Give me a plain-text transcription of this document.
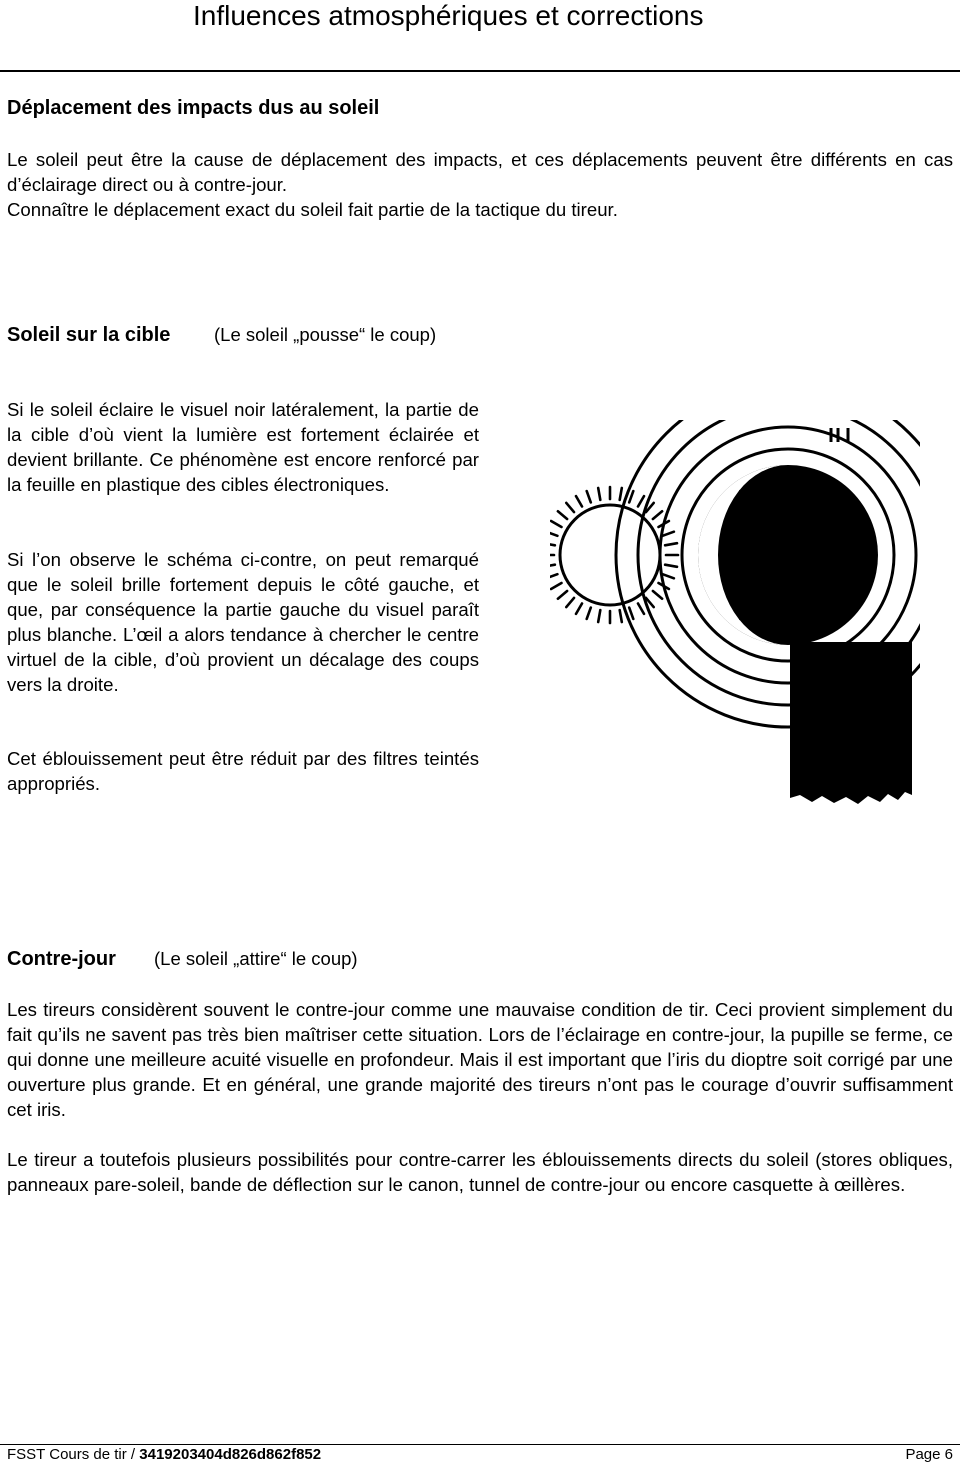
Influences atmosphériques et corrections
Déplacement des impacts dus au soleil
Le soleil peut être la cause de déplacement des impacts, et ces déplacements peuvent être différents en cas d’éclairage direct ou à contre-jour.
Connaître le déplacement exact du soleil fait partie de la tactique du tireur.
Soleil sur la cible (Le soleil „pousse“ le coup)
Si le soleil éclaire le visuel noir latéralement, la partie de la cible d’où vient la lumière est fortement éclairée et devient brillante. Ce phénomène est encore renforcé par la feuille en plastique des cibles électroniques.
Si l’on observe le schéma ci-contre, on peut remarqué que le soleil brille fortement depuis le côté gauche, et que, par conséquence la partie gauche du visuel paraît plus blanche. L’œil a alors tendance à chercher le centre virtuel de la cible, d’où provient un décalage des coups vers la droite.
Cet éblouissement peut être réduit par des filtres teintés appropriés.
Contre-jour (Le soleil „attire“ le coup)
Les tireurs considèrent souvent le contre-jour comme une mauvaise condition de tir. Ceci provient simplement du fait qu’ils ne savent pas très bien maîtriser cette situation. Lors de l’éclairage en contre-jour, la pupille se ferme, ce qui donne une meilleure acuité visuelle en profondeur. Mais il est important que l’iris du dioptre soit corrigé par une ouverture plus grande. Et en général, une grande majorité des tireurs n’ont pas le courage d’ouvrir suffisamment cet iris.
Le tireur a toutefois plusieurs possibilités pour contre-carrer les éblouissements directs du soleil (stores obliques, panneaux pare-soleil, bande de déflection sur le canon, tunnel de contre-jour ou encore casquette à œillères.
FSST Cours de tir / 3419203404d826d862f852	Page 6
